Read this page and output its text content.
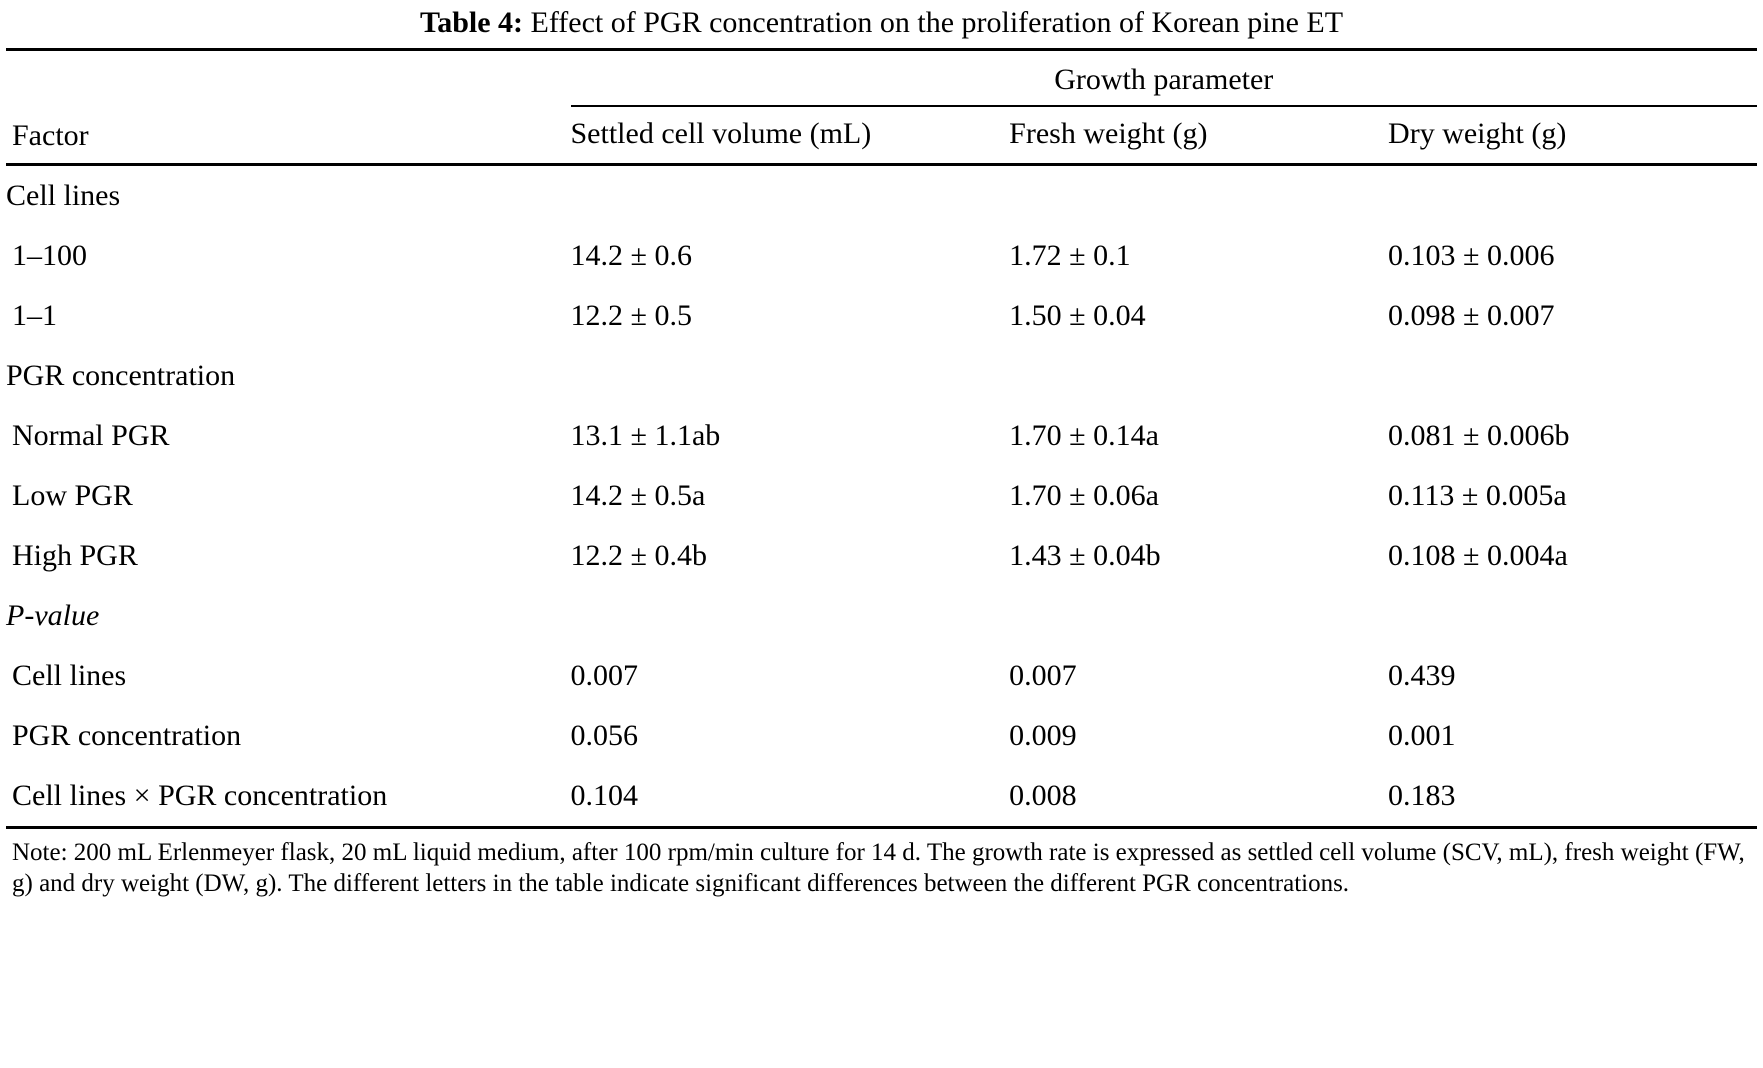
Table 4: Effect of PGR concentration on the proliferation of Korean pine ET
Factor	Growth parameter		
	Settled cell volume (mL)	Fresh weight (g)	Dry weight (g)
Cell lines			
1–100	14.2 ± 0.6	1.72 ± 0.1	0.103 ± 0.006
1–1	12.2 ± 0.5	1.50 ± 0.04	0.098 ± 0.007
PGR concentration			
Normal PGR	13.1 ± 1.1ab	1.70 ± 0.14a	0.081 ± 0.006b
Low PGR	14.2 ± 0.5a	1.70 ± 0.06a	0.113 ± 0.005a
High PGR	12.2 ± 0.4b	1.43 ± 0.04b	0.108 ± 0.004a
P-value			
Cell lines	0.007	0.007	0.439
PGR concentration	0.056	0.009	0.001
Cell lines × PGR concentration	0.104	0.008	0.183
Note: 200 mL Erlenmeyer flask, 20 mL liquid medium, after 100 rpm/min culture for 14 d. The growth rate is expressed as settled cell volume (SCV, mL), fresh weight (FW, g) and dry weight (DW, g). The different letters in the table indicate significant differences between the different PGR concentrations.
